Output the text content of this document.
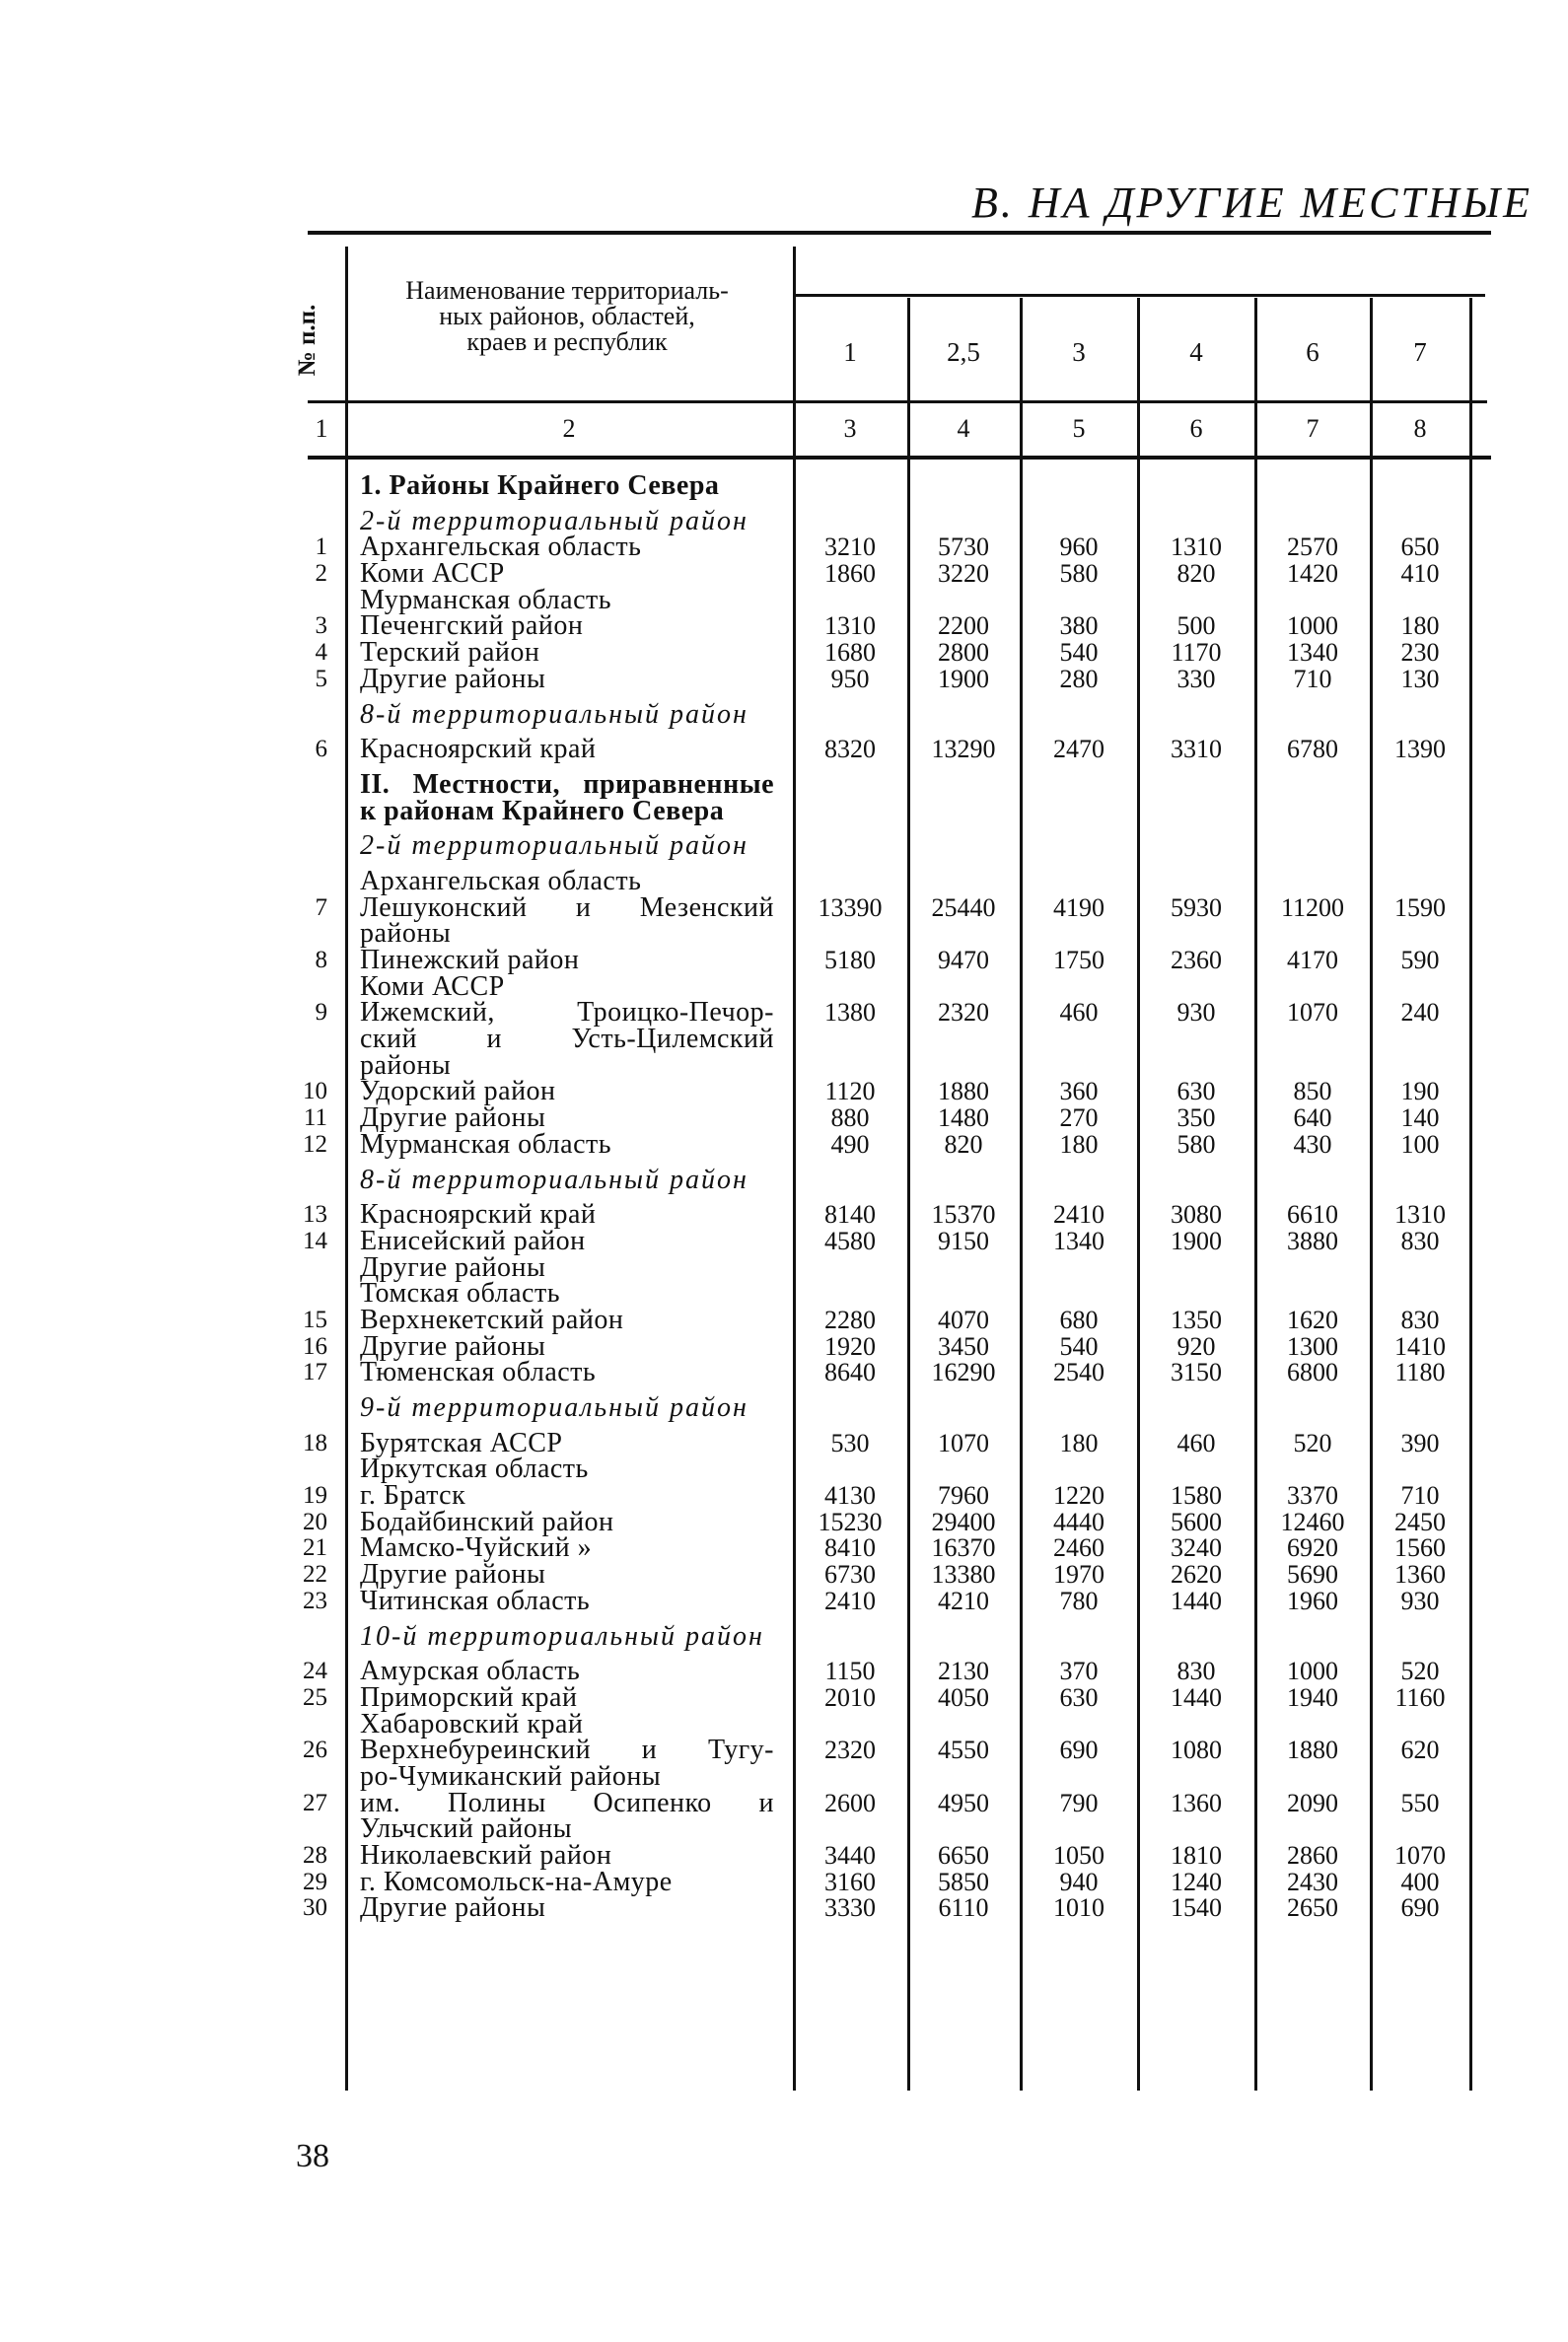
В. НА ДРУГИЕ МЕСТНЫЕ
№ п.п.
Наименование территориаль-
ных районов, областей,
краев и республик	1	2,5	3	4	6	7
1	2	3	4	5	6	7	8
1. Районы Крайнего Севера
2-й территориальный район
1 Архангельская область	3210	5730	960	1310	2570	650
2 Коми АССР	1860	3220	580	820	1420	410
Мурманская область
3 Печенгский район	1310	2200	380	500	1000	180
4 Терский район	1680	2800	540	1170	1340	230
5 Другие районы	950	1900	280	330	710	130
8-й территориальный район
6 Красноярский край	8320	13290	2470	3310	6780	1390
II. Местности, приравненные
к районам Крайнего Севера
2-й территориальный район
Архангельская область
7 Лешуконский и Мезенский	13390	25440	4190	5930	11200	1590
районы
8 Пинежский район	5180	9470	1750	2360	4170	590
Коми АССР
9 Ижемский, Троицко-Печор-	1380	2320	460	930	1070	240
ский и Усть-Цилемский
районы
10 Удорский район	1120	1880	360	630	850	190
11 Другие районы	880	1480	270	350	640	140
12 Мурманская область	490	820	180	580	430	100
8-й территориальный район
13 Красноярский край	8140	15370	2410	3080	6610	1310
14 Енисейский район	4580	9150	1340	1900	3880	830
Другие районы
Томская область
15 Верхнекетский район	2280	4070	680	1350	1620	830
16 Другие районы	1920	3450	540	920	1300	1410
17 Тюменская область	8640	16290	2540	3150	6800	1180
9-й территориальный район
18 Бурятская АССР	530	1070	180	460	520	390
Иркутская область
19 г. Братск	4130	7960	1220	1580	3370	710
20 Бодайбинский район	15230	29400	4440	5600	12460	2450
21 Мамско-Чуйский »	8410	16370	2460	3240	6920	1560
22 Другие районы	6730	13380	1970	2620	5690	1360
23 Читинская область	2410	4210	780	1440	1960	930
10-й территориальный район
24 Амурская область	1150	2130	370	830	1000	520
25 Приморский край	2010	4050	630	1440	1940	1160
Хабаровский край
26 Верхнебуреинский и Тугу-	2320	4550	690	1080	1880	620
ро-Чумиканский районы
27 им. Полины Осипенко и	2600	4950	790	1360	2090	550
Ульчский районы
28 Николаевский район	3440	6650	1050	1810	2860	1070
29 г. Комсомольск-на-Амуре	3160	5850	940	1240	2430	400
30 Другие районы	3330	6110	1010	1540	2650	690
38
